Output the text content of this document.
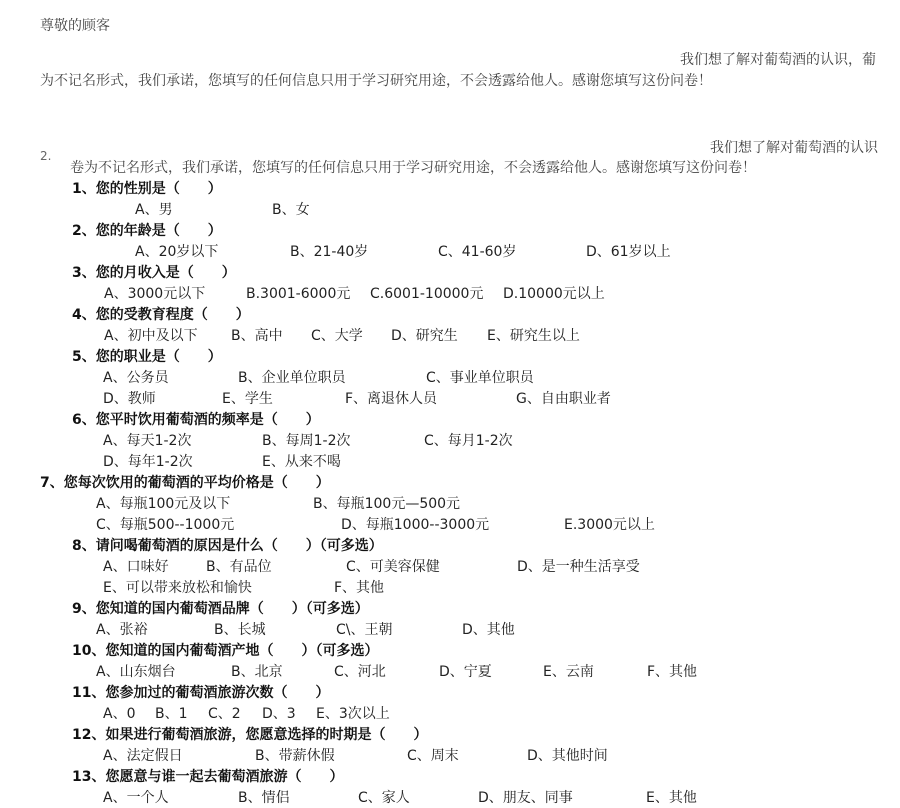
尊敬的顾客
我们想了解对葡萄酒的认识，葡
为不记名形式，我们承诺，您填写的任何信息只用于学习研究用途，不会透露给他人。感谢您填写这份问卷！
2.	我们想了解对葡萄酒的认识
卷为不记名形式，我们承诺，您填写的任何信息只用于学习研究用途，不会透露给他人。感谢您填写这份问卷！
1、您的性别是（　　）
A、男	B、女
2、您的年龄是（　　）
A、20岁以下	B、21-40岁	C、41-60岁	D、61岁以上
3、您的月收入是（　　）
A、3000元以下	B.3001-6000元 C.6001-10000元 D.10000元以上
4、您的受教育程度（　　）
A、初中及以下 B、高中 C、大学 D、研究生 E、研究生以上
5、您的职业是（　　）
A、公务员	B、企业单位职员	C、事业单位职员
D、教师	E、学生	F、离退休人员	G、自由职业者
6、您平时饮用葡萄酒的频率是（　　）
A、每天1-2次	B、每周1-2次	C、每月1-2次
D、每年1-2次	E、从来不喝
7、您每次饮用的葡萄酒的平均价格是（　　）
A、每瓶100元及以下	B、每瓶100元—500元
C、每瓶500--1000元	D、每瓶1000--3000元	E.3000元以上
8、请问喝葡萄酒的原因是什么（　　）（可多选）
A、口味好	B、有品位	C、可美容保健	D、是一种生活享受
E、可以带来放松和愉快	F、其他
9、您知道的国内葡萄酒品牌（　　）（可多选）
A、张裕	B、长城	C\、王朝	D、其他
10、您知道的国内葡萄酒产地（　　）（可多选）
A、山东烟台	B、北京	C、河北	D、宁夏	E、云南	F、其他
11、您参加过的葡萄酒旅游次数（　　）
A、0 B、1 C、2 D、3 E、3次以上
12、如果进行葡萄酒旅游，您愿意选择的时期是（　　）
A、法定假日	B、带薪休假	C、周末	D、其他时间
13、您愿意与谁一起去葡萄酒旅游（　　）
A、一个人	B、情侣	C、家人	D、朋友、同事	E、其他
